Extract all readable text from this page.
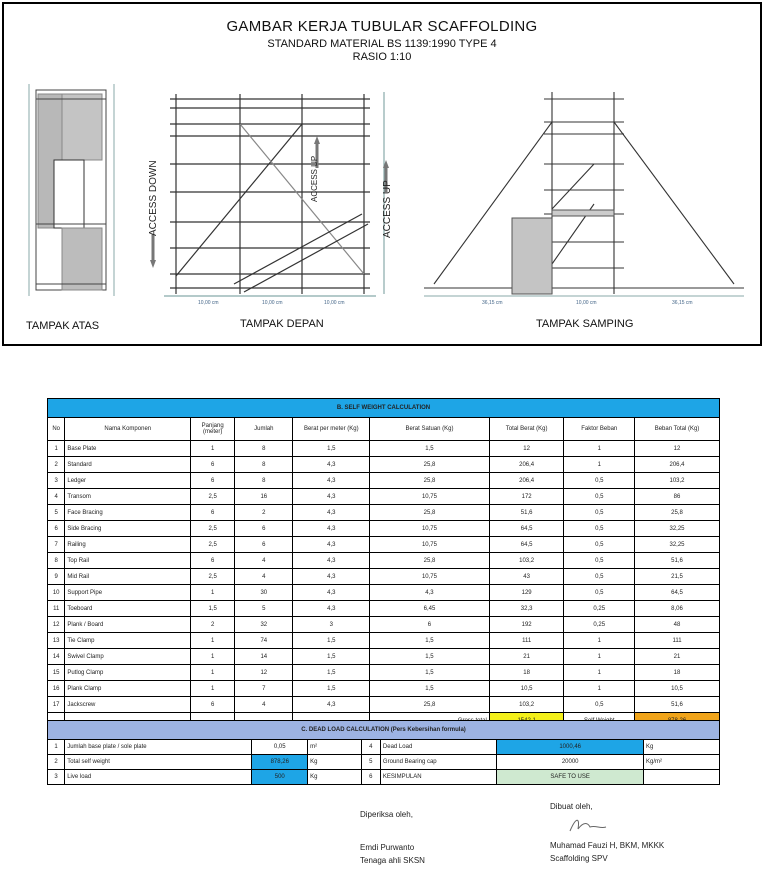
GAMBAR KERJA TUBULAR SCAFFOLDING
STANDARD MATERIAL BS 1139:1990 TYPE 4
RASIO 1:10
ACCESS DOWN	ACCESS UP
ACCESS UP
10,00 cm	10,00 cm	10,00 cm	36,15 cm	10,00 cm	36,15 cm
TAMPAK ATAS	TAMPAK DEPAN	TAMPAK SAMPING
B. SELF WEIGHT CALCULATION								
No	Nama Komponen	Panjang (meter)	Jumlah	Berat per meter (Kg)	Berat Satuan (Kg)	Total Berat (Kg)	Faktor Beban	Beban Total (Kg)
1	Base Plate	1	8	1,5	1,5	12	1	12
2	Standard	6	8	4,3	25,8	206,4	1	206,4
3	Ledger	6	8	4,3	25,8	206,4	0,5	103,2
4	Transom	2,5	16	4,3	10,75	172	0,5	86
5	Face Bracing	6	2	4,3	25,8	51,6	0,5	25,8
6	Side Bracing	2,5	6	4,3	10,75	64,5	0,5	32,25
7	Railing	2,5	6	4,3	10,75	64,5	0,5	32,25
8	Top Rail	6	4	4,3	25,8	103,2	0,5	51,6
9	Mid Rail	2,5	4	4,3	10,75	43	0,5	21,5
10	Support Pipe	1	30	4,3	4,3	129	0,5	64,5
11	Toeboard	1,5	5	4,3	6,45	32,3	0,25	8,06
12	Plank / Board	2	32	3	6	192	0,25	48
13	Tie Clamp	1	74	1,5	1,5	111	1	111
14	Swivel Clamp	1	14	1,5	1,5	21	1	21
15	Putlog Clamp	1	12	1,5	1,5	18	1	18
16	Plank Clamp	1	7	1,5	1,5	10,5	1	10,5
17	Jackscrew	6	4	4,3	25,8	103,2	0,5	51,6

C. DEAD LOAD CALCULATION (Pers Kebersihan formula)							
1	Jumlah base plate / sole plate	0,05	m²	4	Dead Load	1000,46	Kg
2	Total self weight	878,26	Kg	5	Ground Bearing cap	20000	Kg/m²
3	Live load	500	Kg	6	KESIMPULAN	SAFE TO USE	
Diperiksa oleh,
Emdi Purwanto
Tenaga ahli SKSN
Dibuat oleh,
Muhamad Fauzi H, BKM, MKKK
Scaffolding SPV
